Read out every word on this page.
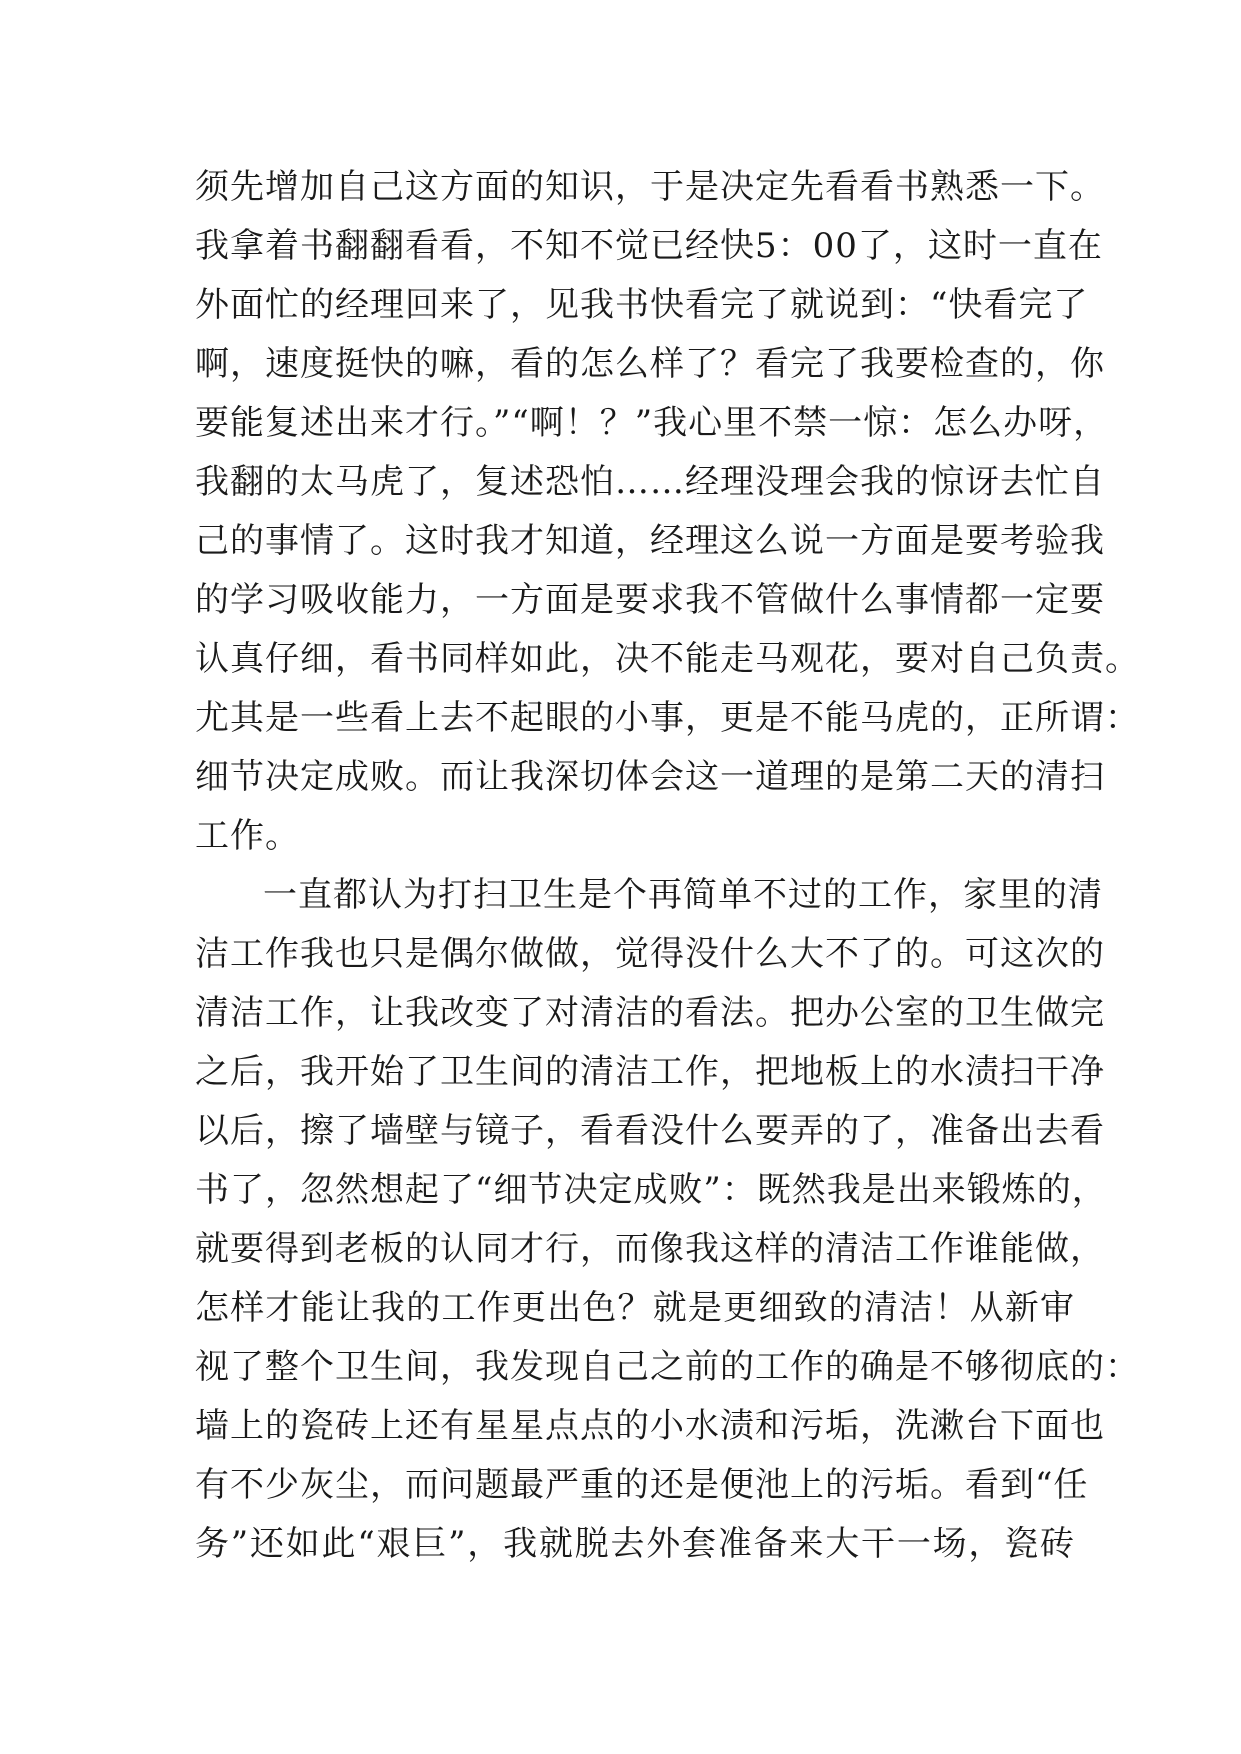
须先增加自己这方面的知识，于是决定先看看书熟悉一下。
我拿着书翻翻看看，不知不觉已经快5：00了，这时一直在
外面忙的经理回来了，见我书快看完了就说到：“快看完了
啊，速度挺快的嘛，看的怎么样了？看完了我要检查的，你
要能复述出来才行。”“啊！？”我心里不禁一惊：怎么办呀，
我翻的太马虎了，复述恐怕……经理没理会我的惊讶去忙自
己的事情了。这时我才知道，经理这么说一方面是要考验我
的学习吸收能力，一方面是要求我不管做什么事情都一定要
认真仔细，看书同样如此，决不能走马观花，要对自己负责。
尤其是一些看上去不起眼的小事，更是不能马虎的，正所谓：
细节决定成败。而让我深切体会这一道理的是第二天的清扫
工作。
一直都认为打扫卫生是个再简单不过的工作，家里的清
洁工作我也只是偶尔做做，觉得没什么大不了的。可这次的
清洁工作，让我改变了对清洁的看法。把办公室的卫生做完
之后，我开始了卫生间的清洁工作，把地板上的水渍扫干净
以后，擦了墙壁与镜子，看看没什么要弄的了，准备出去看
书了，忽然想起了“细节决定成败”：既然我是出来锻炼的，
就要得到老板的认同才行，而像我这样的清洁工作谁能做，
怎样才能让我的工作更出色？就是更细致的清洁！从新审
视了整个卫生间，我发现自己之前的工作的确是不够彻底的：
墙上的瓷砖上还有星星点点的小水渍和污垢，洗漱台下面也
有不少灰尘，而问题最严重的还是便池上的污垢。看到“任
务”还如此“艰巨”，我就脱去外套准备来大干一场，瓷砖
